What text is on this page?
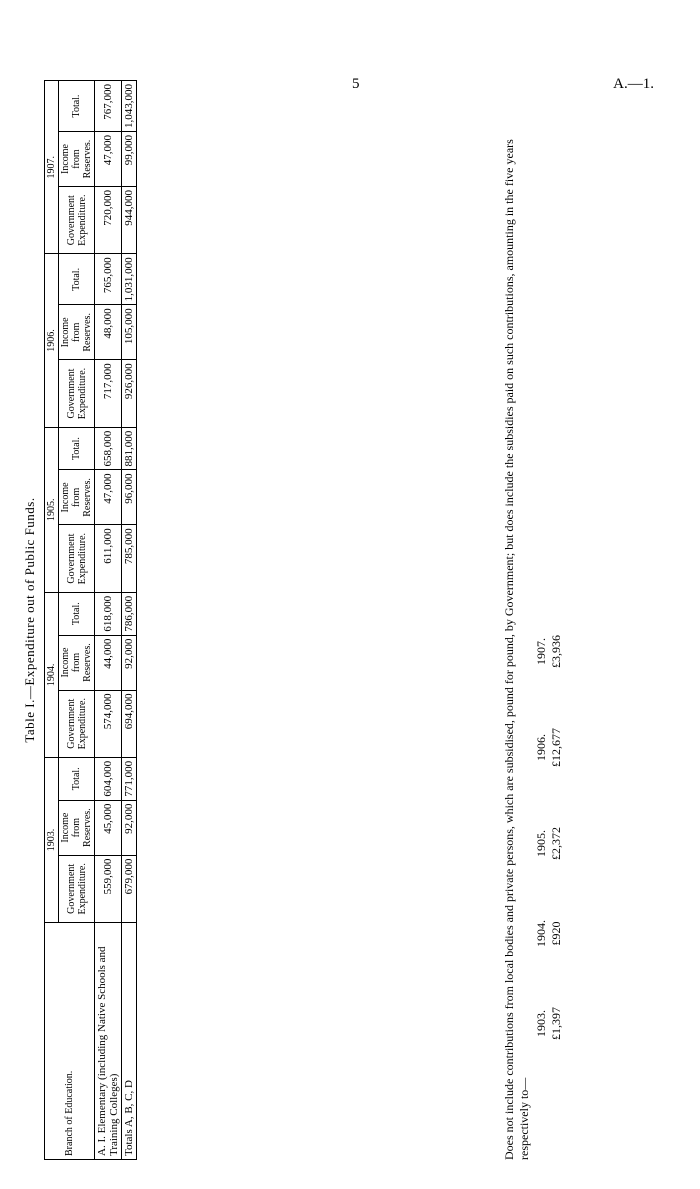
5	A.—1.
Table I.—Expenditure out of Public Funds.
Branch of Education.	1903.			1904.			1905.			1906.			1907.		
	Government Expenditure.	Income from Reserves.	Total.	Government Expenditure.	Income from Reserves.	Total.	Government Expenditure.	Income from Reserves.	Total.	Government Expenditure.	Income from Reserves.	Total.	Government Expenditure.	Income from Reserves.	Total.
A. I. Elementary (including Native Schools and Training Colleges)	559,000	45,000	604,000	574,000	44,000	618,000	611,000	47,000	658,000	717,000	48,000	765,000	720,000	47,000	767,000
Totals A, B, C, D	679,000	92,000	771,000	694,000	92,000	786,000	785,000	96,000	881,000	926,000	105,000	1,031,000	944,000	99,000	1,043,000
Does not include contributions from local bodies and private persons, which are subsidised, pound for pound, by Government; but does include the subsidies paid on such contributions, amounting in the five years respectively to—
1903. £1,397
1904. £920
1905. £2,372
1906. £12,677
1907. £3,936
